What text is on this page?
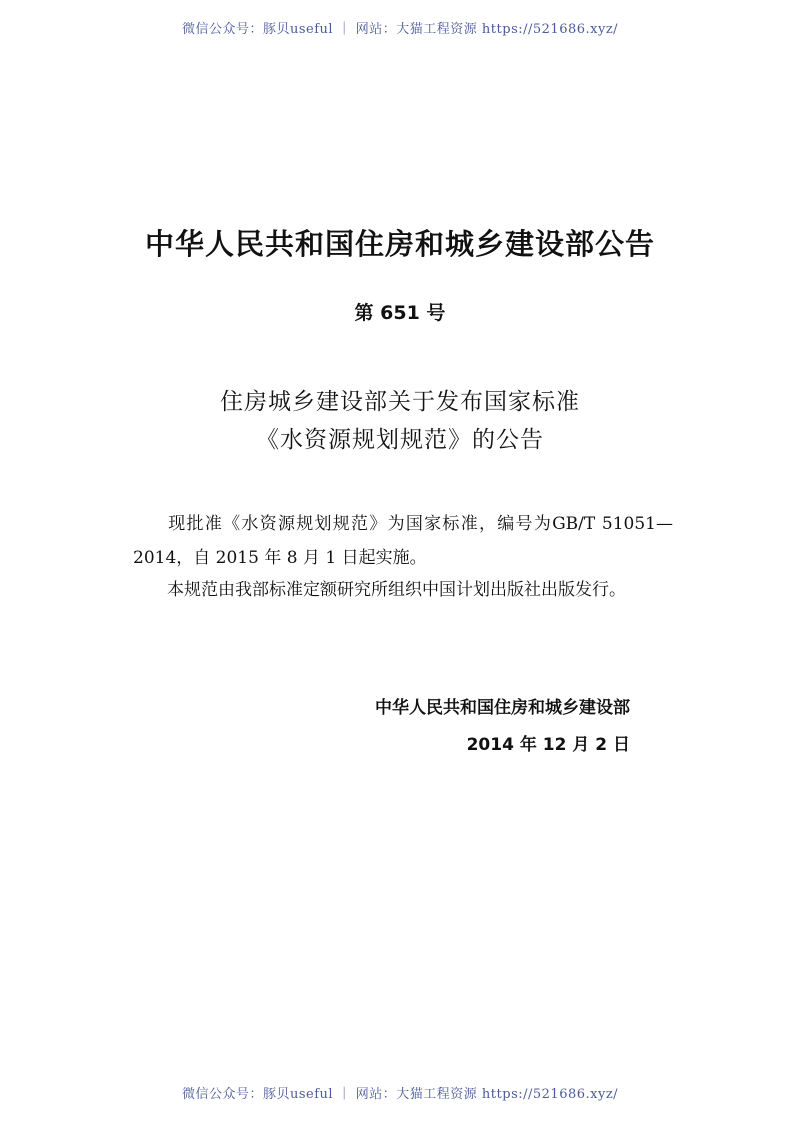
微信公众号：豚贝useful ｜ 网站：大猫工程资源 https://521686.xyz/
中华人民共和国住房和城乡建设部公告
第 651 号
住房城乡建设部关于发布国家标准
《水资源规划规范》的公告
现批准《水资源规划规范》为国家标准，编号为GB/T 51051—2014，自 2015 年 8 月 1 日起实施。
本规范由我部标准定额研究所组织中国计划出版社出版发行。
中华人民共和国住房和城乡建设部
2014 年 12 月 2 日
微信公众号：豚贝useful ｜ 网站：大猫工程资源 https://521686.xyz/
